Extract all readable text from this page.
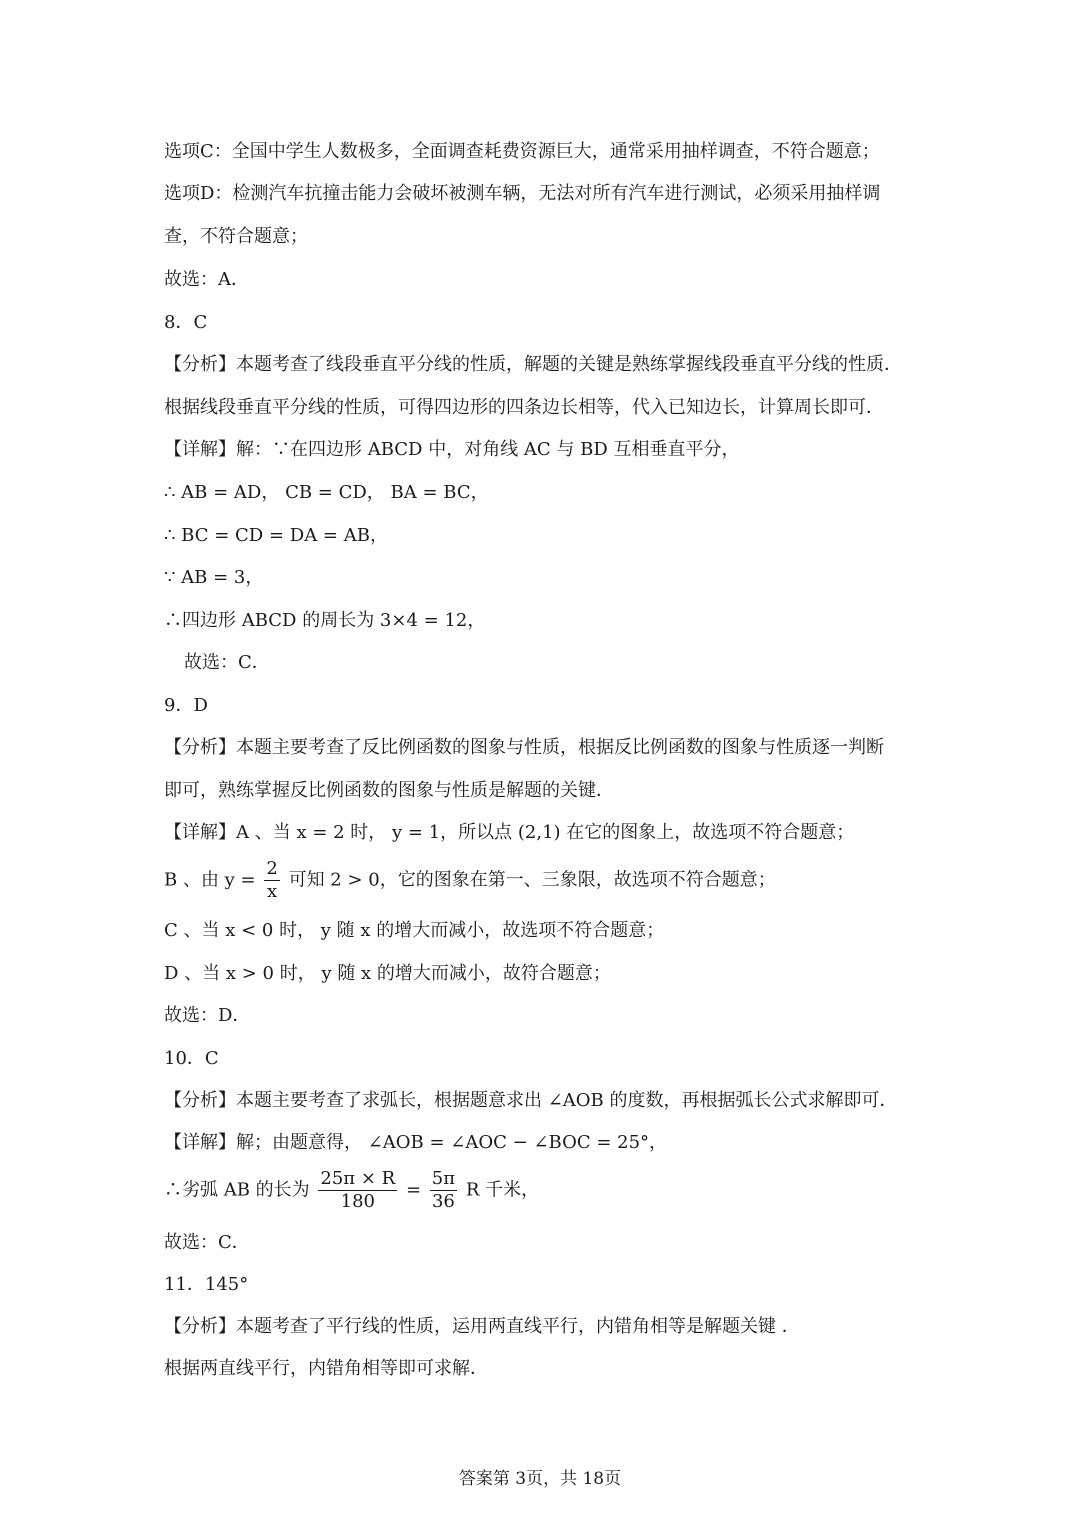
选项C：全国中学生人数极多，全面调查耗费资源巨大，通常采用抽样调查，不符合题意；
选项D：检测汽车抗撞击能力会破坏被测车辆，无法对所有汽车进行测试，必须采用抽样调
查，不符合题意；
故选：A．
8．C
【分析】本题考查了线段垂直平分线的性质，解题的关键是熟练掌握线段垂直平分线的性质．
根据线段垂直平分线的性质，可得四边形的四条边长相等，代入已知边长，计算周长即可．
【详解】解：∵在四边形 ABCD 中，对角线 AC 与 BD 互相垂直平分，
∴ AB = AD， CB = CD， BA = BC，
∴ BC = CD = DA = AB，
∵ AB = 3，
∴四边形 ABCD 的周长为 3×4 = 12，
故选：C．
9．D
【分析】本题主要考查了反比例函数的图象与性质，根据反比例函数的图象与性质逐一判断
即可，熟练掌握反比例函数的图象与性质是解题的关键．
【详解】A 、当 x = 2 时， y = 1，所以点 (2,1) 在它的图象上，故选项不符合题意；
B 、由 $y = \frac{2}{x}$ 可知 2 > 0，它的图象在第一、三象限，故选项不符合题意；
C 、当 x < 0 时， y 随 x 的增大而减小，故选项不符合题意；
D 、当 x > 0 时， y 随 x 的增大而减小，故符合题意；
故选：D．
10．C
【分析】本题主要考查了求弧长，根据题意求出 ∠AOB 的度数，再根据弧长公式求解即可．
【详解】解；由题意得， ∠AOB = ∠AOC − ∠BOC = 25°，
∴劣弧 AB 的长为 $\frac{25\pi \times R}{180} = \frac{5\pi}{36}$ R 千米，
故选：C．
11．145°
【分析】本题考查了平行线的性质，运用两直线平行，内错角相等是解题关键 ．
根据两直线平行，内错角相等即可求解．
答案第 3页，共 18页
